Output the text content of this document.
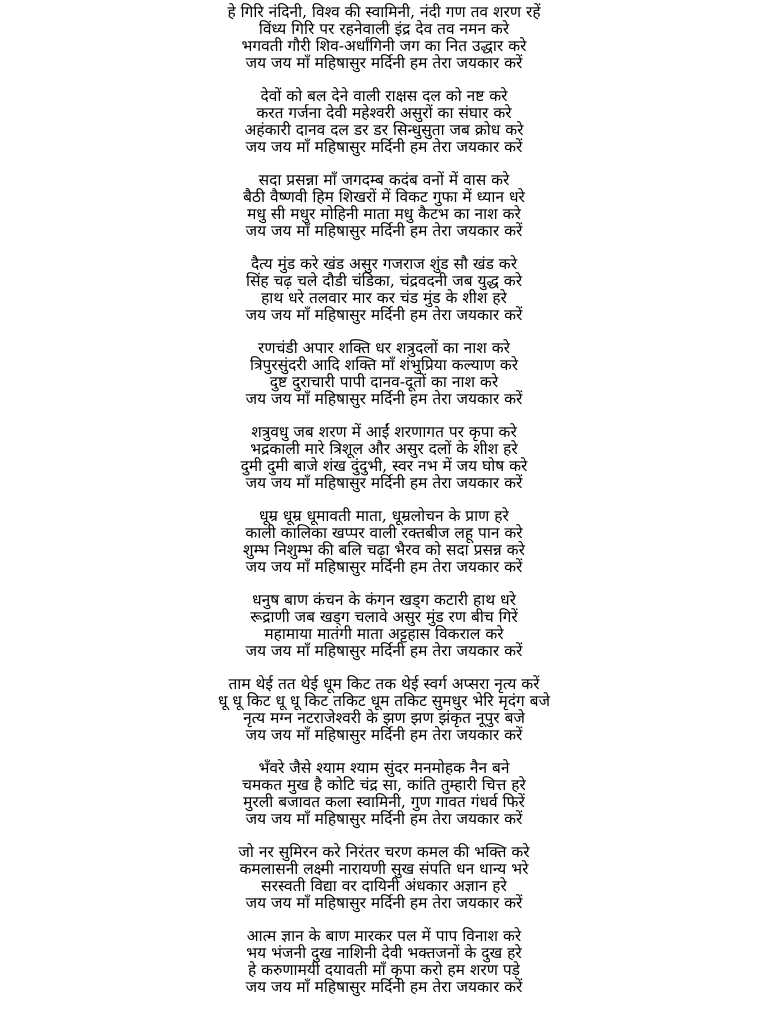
हे गिरि नंदिनी, विश्व की स्वामिनी, नंदी गण तव शरण रहें
विंध्य गिरि पर रहनेवाली इंद्र देव तव नमन करे
भगवती गौरी शिव-अर्धांगिनी जग का नित उद्धार करे
जय जय माँ महिषासुर मर्दिनी हम तेरा जयकार करें
देवों को बल देने वाली राक्षस दल को नष्ट करे
करत गर्जना देवी महेश्वरी असुरों का संघार करे
अहंकारी दानव दल डर डर सिन्धुसुता जब क्रोध करे
जय जय माँ महिषासुर मर्दिनी हम तेरा जयकार करें
सदा प्रसन्ना माँ जगदम्ब कदंब वनों में वास करे
बैठी वैष्णवी हिम शिखरों में विकट गुफा में ध्यान धरे
मधु सी मधुर मोहिनी माता मधु कैटभ का नाश करे
जय जय माँ महिषासुर मर्दिनी हम तेरा जयकार करें
दैत्य मुंड करे खंड असुर गजराज शुंड सौ खंड करे
सिंह चढ़ चले दौडी चंडिका, चंद्रवदनी जब युद्ध करे
हाथ धरे तलवार मार कर चंड मुंड के शीश हरे
जय जय माँ महिषासुर मर्दिनी हम तेरा जयकार करें
रणचंडी अपार शक्ति धर शत्रुदलों का नाश करे
त्रिपुरसुंदरी आदि शक्ति माँ शंभुप्रिया कल्याण करे
दुष्ट दुराचारी पापी दानव-दूतों का नाश करे
जय जय माँ महिषासुर मर्दिनी हम तेरा जयकार करें
शत्रुवधु जब शरण में आईं शरणागत पर कृपा करे
भद्रकाली मारे त्रिशूल और असुर दलों के शीश हरे
दुमी दुमी बाजे शंख दुंदुभी, स्वर नभ में जय घोष करे
जय जय माँ महिषासुर मर्दिनी हम तेरा जयकार करें
धूम्र धूम्र धूमावती माता, धूम्रलोचन के प्राण हरे
काली कालिका खप्पर वाली रक्तबीज लहू पान करे
शुम्भ निशुम्भ की बलि चढ़ा भैरव को सदा प्रसन्न करे
जय जय माँ महिषासुर मर्दिनी हम तेरा जयकार करें
धनुष बाण कंचन के कंगन खड्ग कटारी हाथ धरे
रूद्राणी जब खड्ग चलावे असुर मुंड रण बीच गिरें
महामाया मातंगी माता अट्टहास विकराल करे
जय जय माँ महिषासुर मर्दिनी हम तेरा जयकार करें
ताम थेई तत थेई धूम किट तक थेई स्वर्ग अप्सरा नृत्य करें
धू धू किट धू धू किट तकिट धूम तकिट सुमधुर भेरि मृदंग बजे
नृत्य मग्न नटराजेश्वरी के झण झण झंकृत नूपुर बजे
जय जय माँ महिषासुर मर्दिनी हम तेरा जयकार करें
भँवरे जैसे श्याम श्याम सुंदर मनमोहक नैन बने
चमकत मुख है कोटि चंद्र सा, कांति तुम्हारी चित्त हरे
मुरली बजावत कला स्वामिनी, गुण गावत गंधर्व फिरें
जय जय माँ महिषासुर मर्दिनी हम तेरा जयकार करें
जो नर सुमिरन करे निरंतर चरण कमल की भक्ति करे
कमलासनी लक्ष्मी नारायणी सुख संपति धन धान्य भरे
सरस्वती विद्या वर दायिनी अंधकार अज्ञान हरे
जय जय माँ महिषासुर मर्दिनी हम तेरा जयकार करें
आत्म ज्ञान के बाण मारकर पल में पाप विनाश करे
भय भंजनी दुख नाशिनी देवी भक्तजनों के दुख हरे
हे करुणामयी दयावती माँ कृपा करो हम शरण पड़े
जय जय माँ महिषासुर मर्दिनी हम तेरा जयकार करें
